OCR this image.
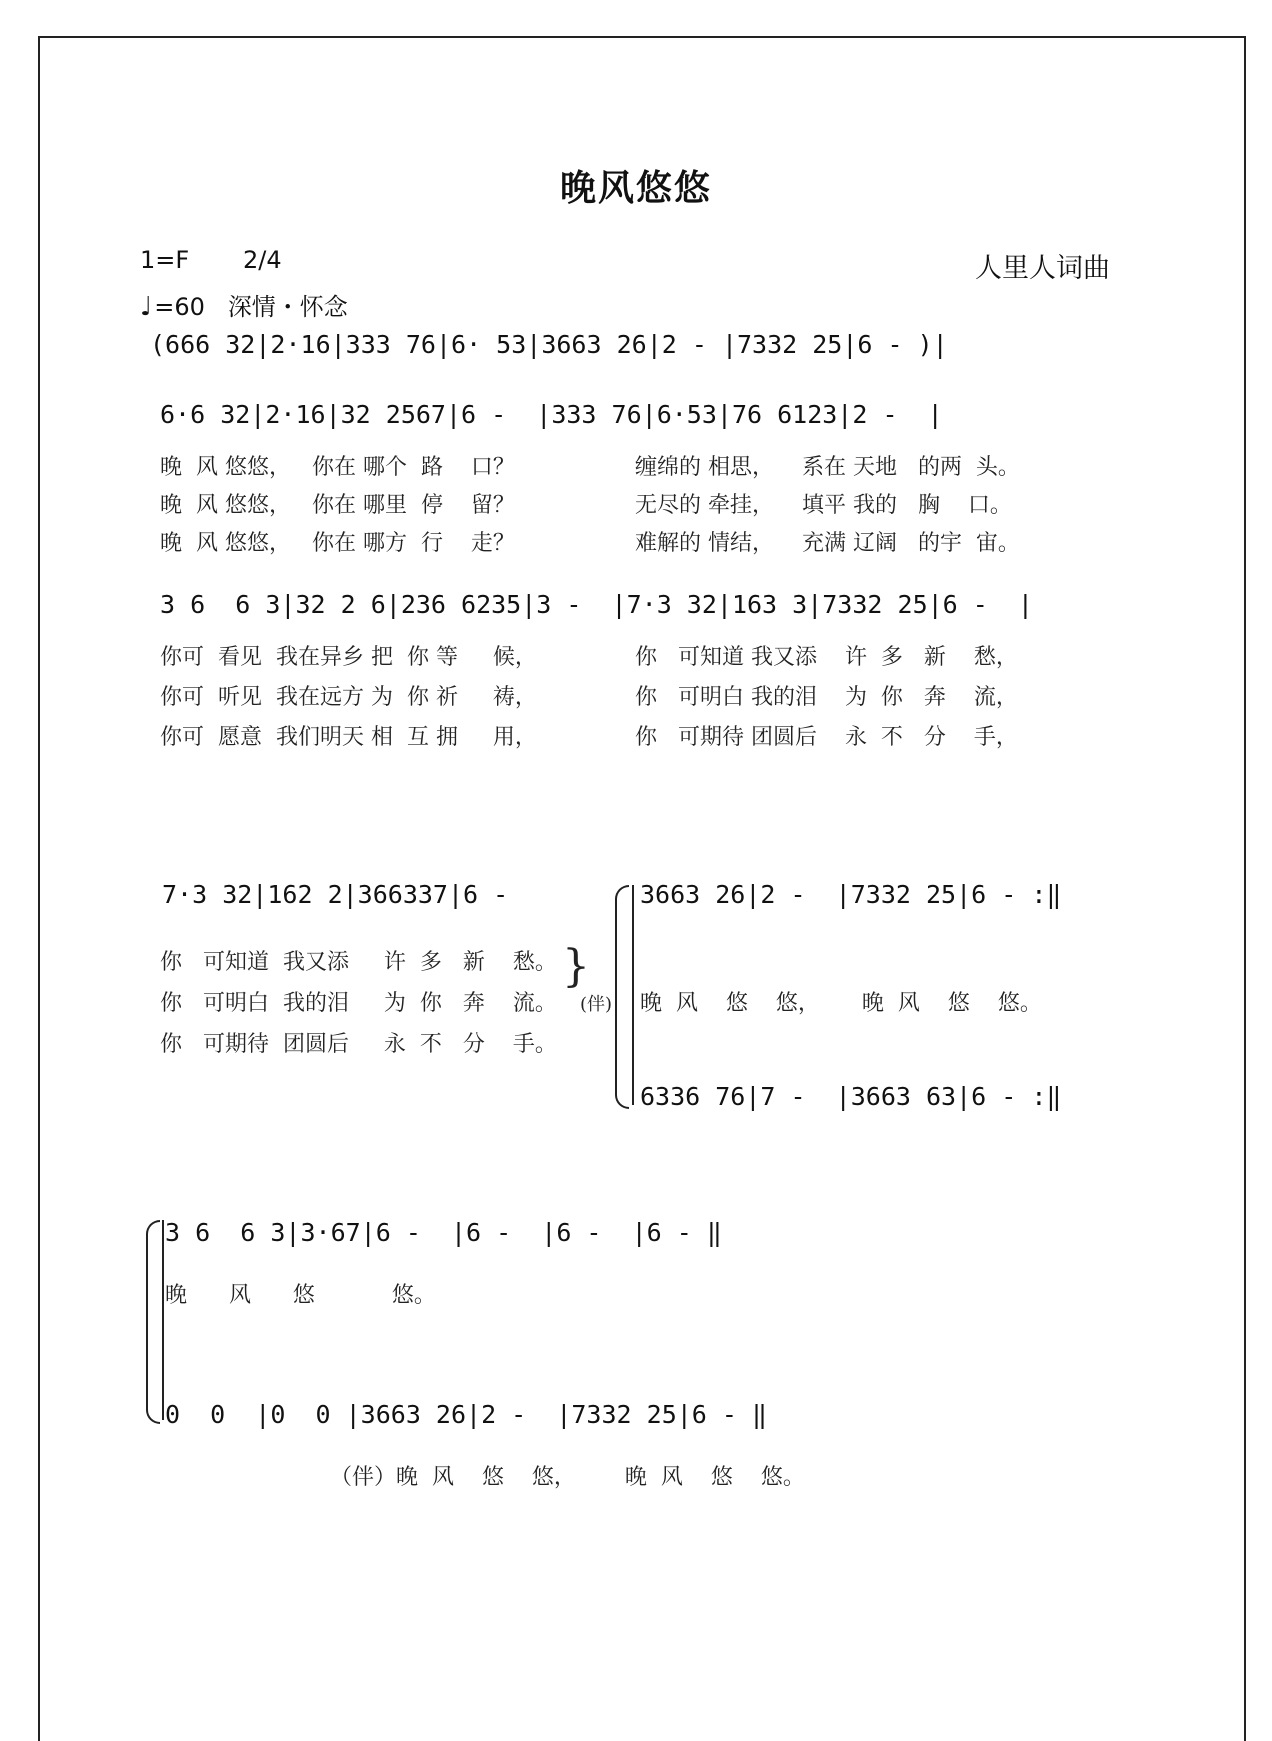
晚风悠悠
1=F 2/4	人里人词曲
♩=60 深情・怀念
(666 32|2·16|333 76|6· 53|3663 26|2 - |7332 25|6 - )|
6·6 32|2·16|32 2567|6 -  |333 76|6·53|76 6123|2 -  |
晚  风 悠悠，   你在 哪个  路    口？
晚  风 悠悠，   你在 哪里  停    留？
晚  风 悠悠，   你在 哪方  行    走？
缠绵的 相思，    系在 天地   的两  头。
无尽的 牵挂，    填平 我的   胸    口。
难解的 情结，    充满 辽阔   的宇  宙。
3 6  6 3|32 2 6|236 6235|3 -  |7·3 32|163 3|7332 25|6 -  |
你可  看见  我在异乡 把  你 等     候，
你可  听见  我在远方 为  你 祈     祷，
你可  愿意  我们明天 相  互 拥     用，
你   可知道 我又添    许  多   新    愁，
你   可明白 我的泪    为  你   奔    流，
你   可期待 团圆后    永  不   分    手，
7·3 32|162 2|366337|6 -
你   可知道  我又添     许  多   新    愁。
你   可明白  我的泪     为  你   奔    流。
你   可期待  团圆后     永  不   分    手。
}
(伴)
3663 26|2 -  |7332 25|6 - :‖
晚  风    悠    悠，      晚  风    悠    悠。
6336 76|7 -  |3663 63|6 - :‖
3 6  6 3|3·67|6 -  |6 -  |6 -  |6 - ‖
晚      风      悠           悠。
0  0  |0  0 |3663 26|2 -  |7332 25|6 - ‖
（伴）晚  风    悠    悠，       晚  风    悠    悠。
